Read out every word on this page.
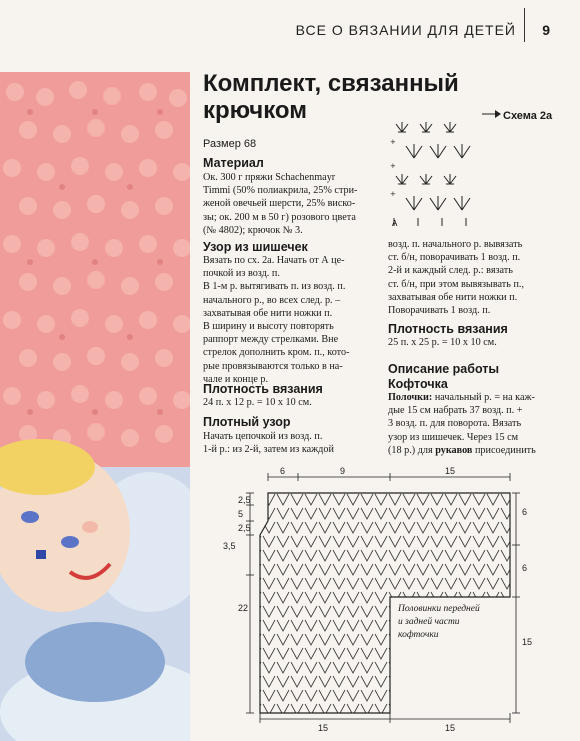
ВСЕ О ВЯЗАНИИ ДЛЯ ДЕТЕЙ 9
Комплект, связанный
крючком
Размер 68
Материал
Ок. 300 г пряжи Schachenmayr
Timmi (50% полиакрила, 25% стри-
женой овечьей шерсти, 25% виско-
зы; ок. 200 м в 50 г) розового цвета
(№ 4802); крючок № 3.
Узор из шишечек
Вязать по сх. 2а. Начать от А це-
почкой из возд. п.
В 1-м р. вытягивать п. из возд. п.
начального р., во всех след. р. –
захватывая обе нити ножки п.
В ширину и высоту повторять
раппорт между стрелками. Вне
стрелок дополнить кром. п., кото-
рые провязываются только в на-
чале и конце р.
Плотность вязания
24 п. х 12 р. = 10 х 10 см.
Плотный узор
Начать цепочкой из возд. п.
1-й р.: из 2-й, затем из каждой
Схема 2а
+
+
+
A
возд. п. начального р. вывязать
ст. б/н, поворачивать 1 возд. п.
2-й и каждый след. р.: вязать
ст. б/н, при этом вывязывать п.,
захватывая обе нити ножки п.
Поворачивать 1 возд. п.
Плотность вязания
25 п. х 25 р. = 10 х 10 см.
Описание работы
Кофточка
Полочки: начальный р. = на каж-
дые 15 см набрать 37 возд. п. +
3 возд. п. для поворота. Вязать
узор из шишечек. Через 15 см
(18 р.) для рукавов присоединить
6	9	15
2,5
5
2,5
3,5
22
6
6
15
15	15
Половинки передней
и задней части
кофточки
